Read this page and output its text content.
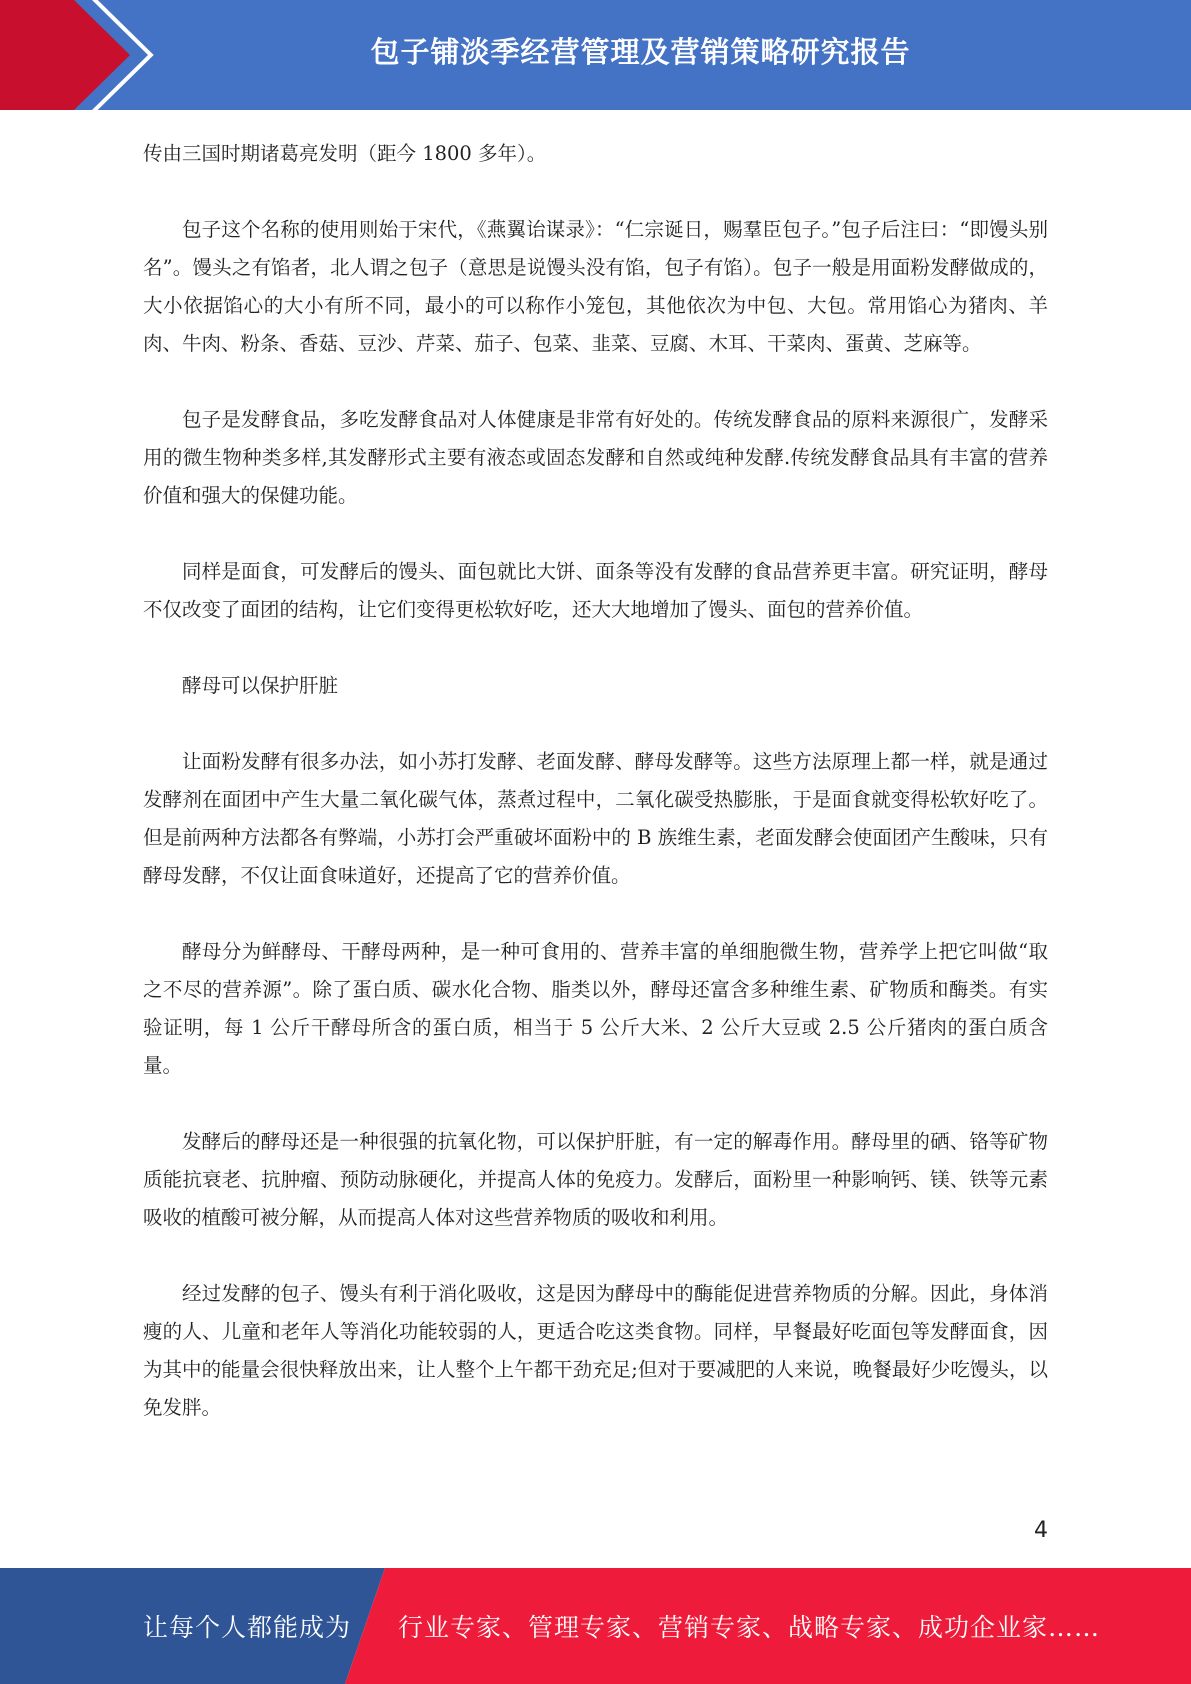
包子铺淡季经营管理及营销策略研究报告

传由三国时期诸葛亮发明（距今 1800 多年）。

包子这个名称的使用则始于宋代，《燕翼诒谋录》：“仁宗诞日，赐羣臣包子。”包子后注曰：“即馒头别名”。馒头之有馅者，北人谓之包子（意思是说馒头没有馅，包子有馅）。包子一般是用面粉发酵做成的，大小依据馅心的大小有所不同，最小的可以称作小笼包，其他依次为中包、大包。常用馅心为猪肉、羊肉、牛肉、粉条、香菇、豆沙、芹菜、茄子、包菜、韭菜、豆腐、木耳、干菜肉、蛋黄、芝麻等。

包子是发酵食品，多吃发酵食品对人体健康是非常有好处的。传统发酵食品的原料来源很广，发酵采用的微生物种类多样,其发酵形式主要有液态或固态发酵和自然或纯种发酵.传统发酵食品具有丰富的营养价值和强大的保健功能。

同样是面食，可发酵后的馒头、面包就比大饼、面条等没有发酵的食品营养更丰富。研究证明，酵母不仅改变了面团的结构，让它们变得更松软好吃，还大大地增加了馒头、面包的营养价值。

酵母可以保护肝脏

让面粉发酵有很多办法，如小苏打发酵、老面发酵、酵母发酵等。这些方法原理上都一样，就是通过发酵剂在面团中产生大量二氧化碳气体，蒸煮过程中，二氧化碳受热膨胀，于是面食就变得松软好吃了。但是前两种方法都各有弊端，小苏打会严重破坏面粉中的 B 族维生素，老面发酵会使面团产生酸味，只有酵母发酵，不仅让面食味道好，还提高了它的营养价值。

酵母分为鲜酵母、干酵母两种，是一种可食用的、营养丰富的单细胞微生物，营养学上把它叫做“取之不尽的营养源”。除了蛋白质、碳水化合物、脂类以外，酵母还富含多种维生素、矿物质和酶类。有实验证明，每 1 公斤干酵母所含的蛋白质，相当于 5 公斤大米、2 公斤大豆或 2.5 公斤猪肉的蛋白质含量。

发酵后的酵母还是一种很强的抗氧化物，可以保护肝脏，有一定的解毒作用。酵母里的硒、铬等矿物质能抗衰老、抗肿瘤、预防动脉硬化，并提高人体的免疫力。发酵后，面粉里一种影响钙、镁、铁等元素吸收的植酸可被分解，从而提高人体对这些营养物质的吸收和利用。

经过发酵的包子、馒头有利于消化吸收，这是因为酵母中的酶能促进营养物质的分解。因此，身体消瘦的人、儿童和老年人等消化功能较弱的人，更适合吃这类食物。同样，早餐最好吃面包等发酵面食，因为其中的能量会很快释放出来，让人整个上午都干劲充足;但对于要减肥的人来说，晚餐最好少吃馒头，以免发胖。

4
让每个人都能成为 行业专家、管理专家、营销专家、战略专家、成功企业家……
